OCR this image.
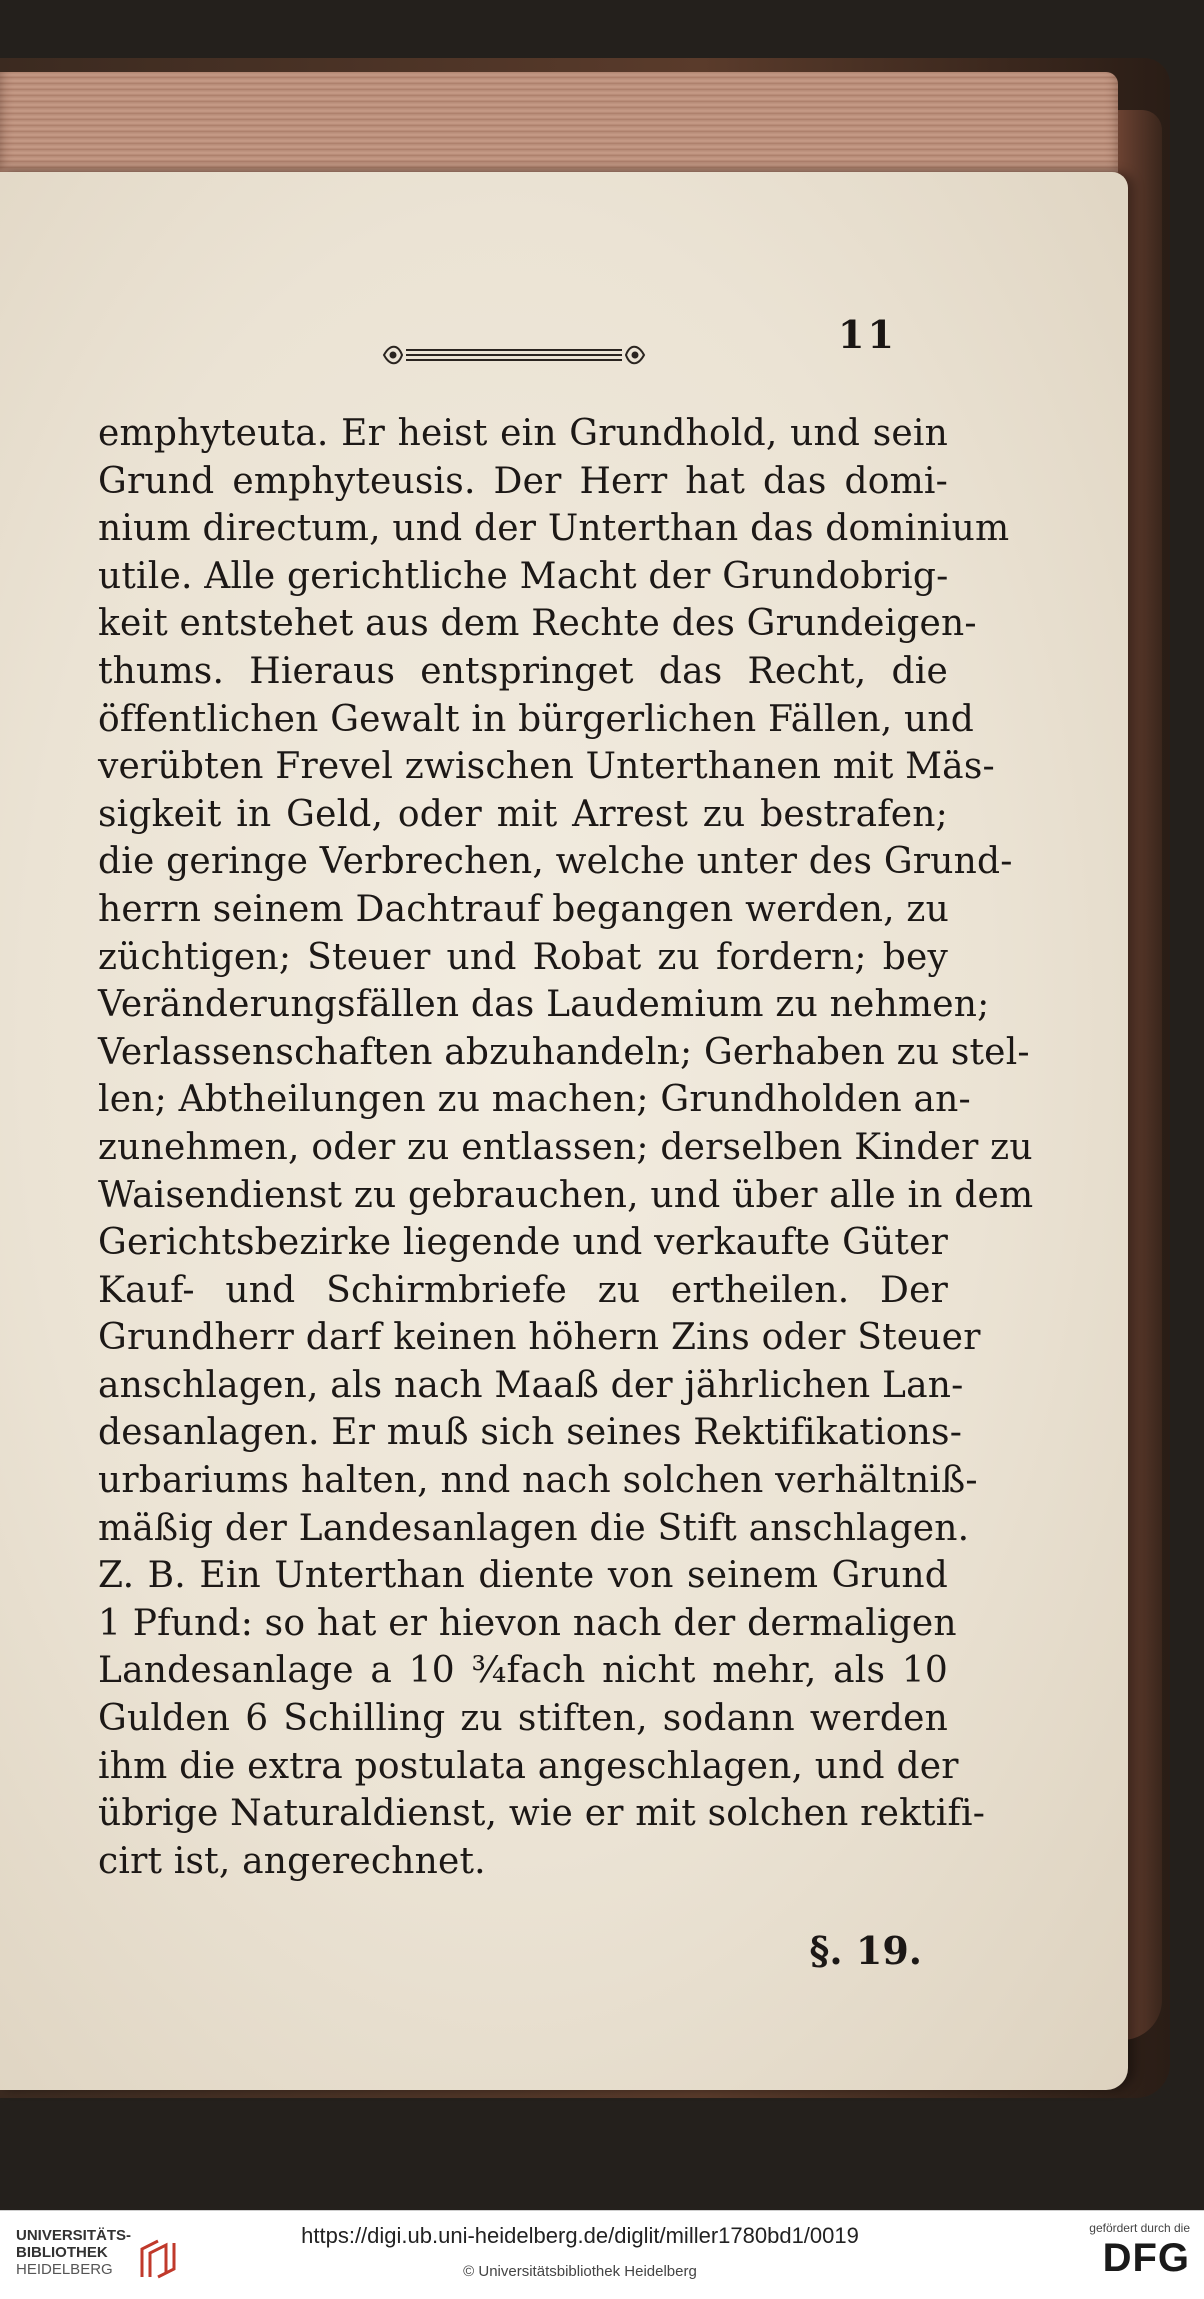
11
emphyteuta. Er heist ein Grundhold, und sein
Grund emphyteusis. Der Herr hat das domi-
nium directum, und der Unterthan das dominium
utile. Alle gerichtliche Macht der Grundobrig-
keit entstehet aus dem Rechte des Grundeigen-
thums. Hieraus entspringet das Recht, die
öffentlichen Gewalt in bürgerlichen Fällen, und
verübten Frevel zwischen Unterthanen mit Mäs-
sigkeit in Geld, oder mit Arrest zu bestrafen;
die geringe Verbrechen, welche unter des Grund-
herrn seinem Dachtrauf begangen werden, zu
züchtigen; Steuer und Robat zu fordern; bey
Veränderungsfällen das Laudemium zu nehmen;
Verlassenschaften abzuhandeln; Gerhaben zu stel-
len; Abtheilungen zu machen; Grundholden an-
zunehmen, oder zu entlassen; derselben Kinder zu
Waisendienst zu gebrauchen, und über alle in dem
Gerichtsbezirke liegende und verkaufte Güter
Kauf- und Schirmbriefe zu ertheilen. Der
Grundherr darf keinen höhern Zins oder Steuer
anschlagen, als nach Maaß der jährlichen Lan-
desanlagen. Er muß sich seines Rektifikations-
urbariums halten, nnd nach solchen verhältniß-
mäßig der Landesanlagen die Stift anschlagen.
Z. B. Ein Unterthan diente von seinem Grund
1 Pfund: so hat er hievon nach der dermaligen
Landesanlage a 10 ¾fach nicht mehr, als 10
Gulden 6 Schilling zu stiften, sodann werden
ihm die extra postulata angeschlagen, und der
übrige Naturaldienst, wie er mit solchen rektifi-
cirt ist, angerechnet.
§. 19.
UNIVERSITÄTS-
BIBLIOTHEK
HEIDELBERG
https://digi.ub.uni-heidelberg.de/diglit/miller1780bd1/0019
© Universitätsbibliothek Heidelberg
gefördert durch die
DFG
